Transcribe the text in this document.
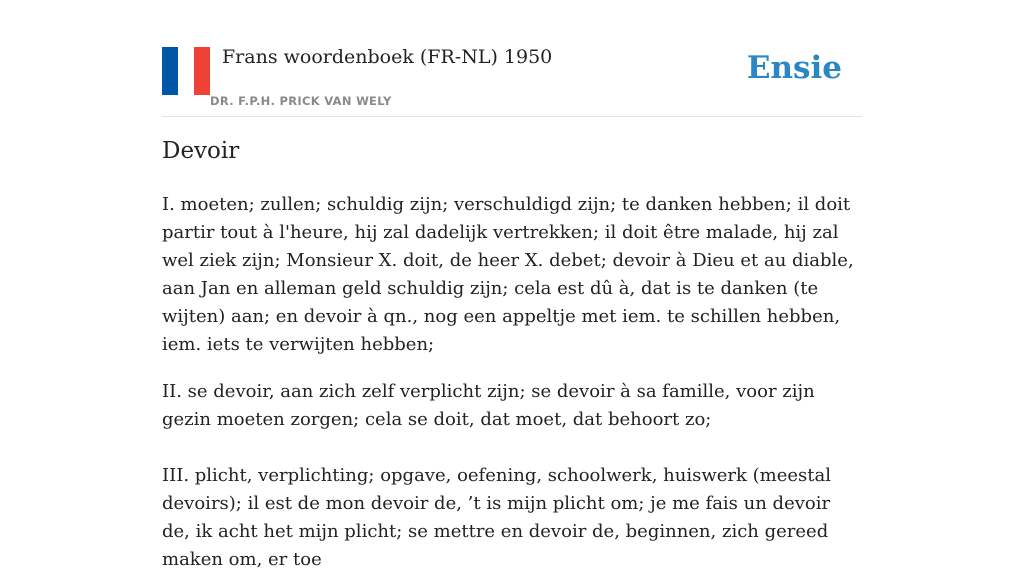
Frans woordenboek (FR-NL) 1950
DR. F.P.H. PRICK VAN WELY
Ensie
Devoir

I. moeten; zullen; schuldig zijn; verschuldigd zijn; te danken hebben; il doit partir tout à l'heure, hij zal dadelijk vertrekken; il doit être malade, hij zal wel ziek zijn; Monsieur X. doit, de heer X. debet; devoir à Dieu et au diable, aan Jan en alleman geld schuldig zijn; cela est dû à, dat is te danken (te wijten) aan; en devoir à qn., nog een appeltje met iem. te schillen hebben, iem. iets te verwijten hebben;

II. se devoir, aan zich zelf verplicht zijn; se devoir à sa famille, voor zijn gezin moeten zorgen; cela se doit, dat moet, dat behoort zo;

III. plicht, verplichting; opgave, oefening, schoolwerk, huiswerk (meestal devoirs); il est de mon devoir de, ’t is mijn plicht om; je me fais un devoir de, ik acht het mijn plicht; se mettre en devoir de, beginnen, zich gereed maken om, er toe
